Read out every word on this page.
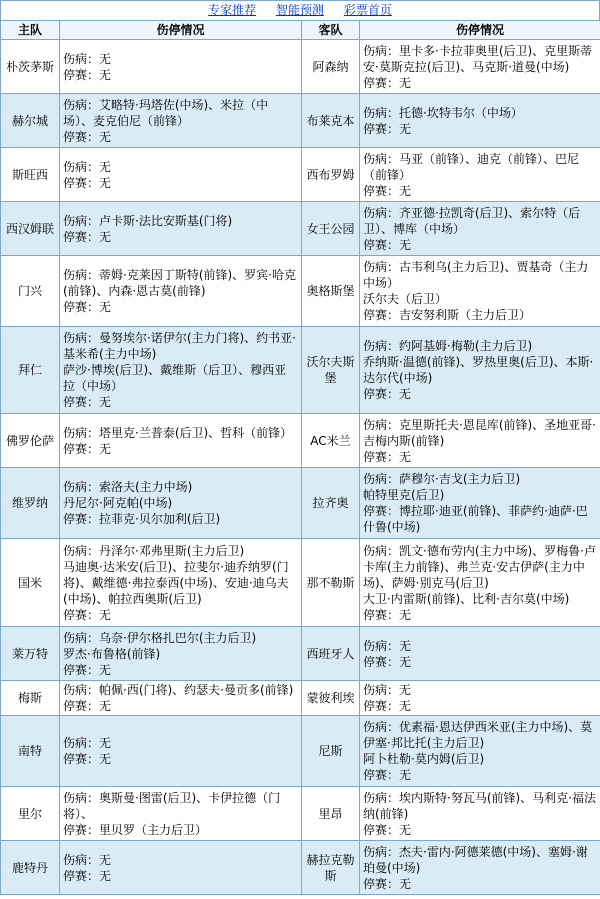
专家推荐 智能预测 彩票首页
主队	伤停情况	客队	伤停情况
朴茨茅斯	伤病：无
停赛：无	阿森纳	伤病：里卡多·卡拉菲奥里(后卫)、克里斯蒂安·莫斯克拉(后卫)、马克斯·道曼(中场)
停赛：无

赫尔城	伤病：艾略特·玛塔佐(中场)、米拉（中场）、麦克伯尼（前锋）
停赛：无	布莱克本	伤病：托德·坎特韦尔（中场）
停赛：无

斯旺西	伤病：无
停赛：无	西布罗姆	伤病：马亚（前锋）、迪克（前锋）、巴尼（前锋）
停赛：无

西汉姆联	伤病：卢卡斯·法比安斯基(门将)
停赛：无	女王公园	伤病：齐亚德·拉凯奇(后卫)、索尔特（后卫）、博库（中场）
停赛：无

门兴	伤病：蒂姆·克莱因丁斯特(前锋)、罗宾·哈克(前锋)、内森·恩古莫(前锋)
停赛：无	奥格斯堡	伤病：古韦利乌(主力后卫)、贾基奇（主力中场）
沃尔夫（后卫）
停赛：吉安努利斯（主力后卫）

拜仁	伤病：曼努埃尔·诺伊尔(主力门将)、约书亚·基米希(主力中场)
萨沙·博埃(后卫)、戴维斯（后卫）、穆西亚拉（中场）
停赛：无	沃尔夫斯堡	伤病：约阿基姆·梅勒(主力后卫)
乔纳斯·温德(前锋)、罗热里奥(后卫)、本斯·达尔代(中场)
停赛：无

佛罗伦萨	伤病：塔里克·兰普泰(后卫)、哲科（前锋）
停赛：无	AC米兰	伤病：克里斯托夫·恩昆库(前锋)、圣地亚哥·吉梅内斯(前锋)
停赛：无

维罗纳	伤病：索洛夫(主力中场)
丹尼尔·阿克帕(中场)
停赛：拉菲克·贝尔加利(后卫)	拉齐奥	伤病：萨穆尔·吉戈(主力后卫)
帕特里克(后卫)
停赛：博拉耶·迪亚(前锋)、菲萨约·迪萨·巴什鲁(中场)

国米	伤病：丹泽尔·邓弗里斯(主力后卫)
马迪奥·达米安(后卫)、拉斐尔·迪乔纳罗(门将)、戴维德·弗拉泰西(中场)、安迪·迪乌夫(中场)、帕拉西奥斯(后卫)
停赛：无	那不勒斯	伤病：凯文·德布劳内(主力中场)、罗梅鲁·卢卡库(主力前锋)、弗兰克·安古伊萨(主力中场)、萨姆·别克马(后卫)
大卫·内雷斯(前锋)、比利·吉尔莫(中场)
停赛：无

莱万特	伤病：乌奈·伊尔格扎巴尔(主力后卫)
罗杰·布鲁格(前锋)
停赛：无	西班牙人	伤病：无
停赛：无

梅斯	伤病：帕佩·西(门将)、约瑟夫·曼贡多(前锋)
停赛：无	蒙彼利埃	伤病：无
停赛：无

南特	伤病：无
停赛：无	尼斯	伤病：优素福·恩达伊西米亚(主力中场)、莫伊塞·邦比托(主力后卫)
阿卜杜勒·莫内姆(后卫)
停赛：无

里尔	伤病：奥斯曼·图雷(后卫)、卡伊拉德（门将）、
停赛：里贝罗（主力后卫）	里昂	伤病：埃内斯特·努瓦马(前锋)、马利克·福法纳(前锋)
停赛：无

鹿特丹	伤病：无
停赛：无	赫拉克勒斯	伤病：杰夫·雷内·阿德莱德(中场)、塞姆·谢珀曼(中场)
停赛：无
